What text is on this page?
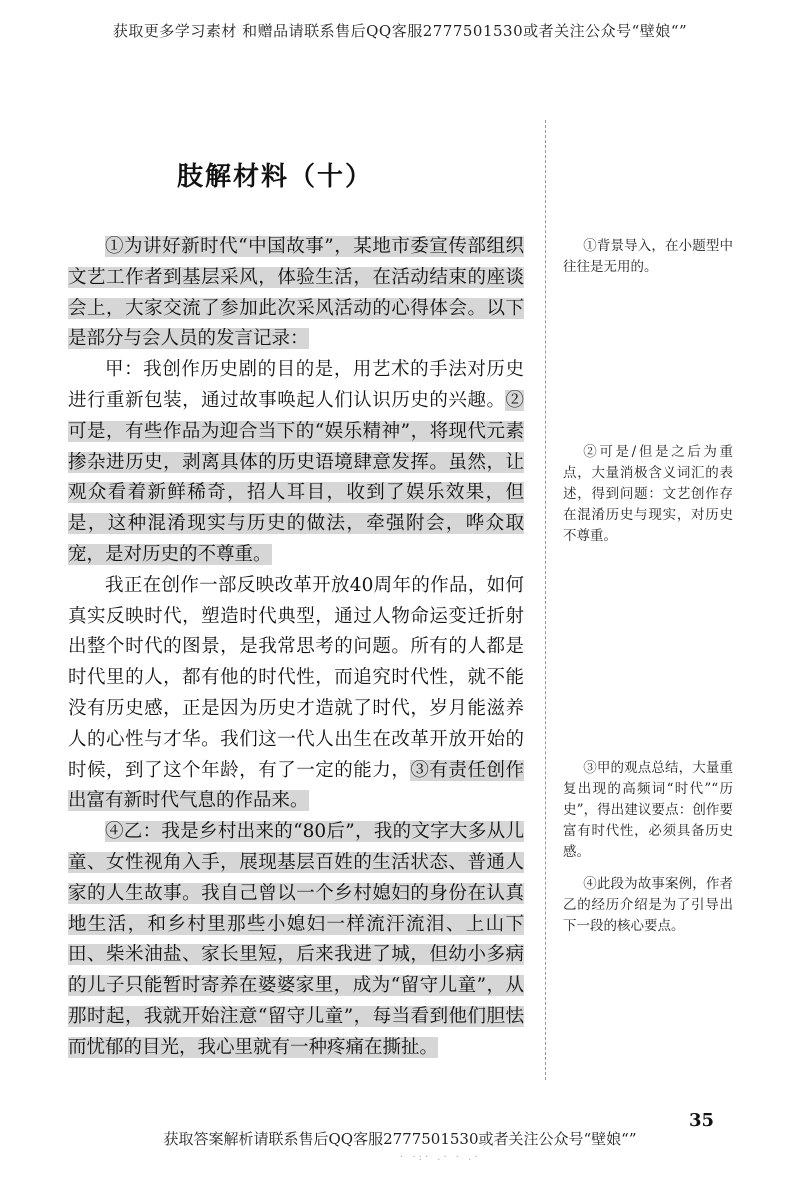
获取更多学习素材 和赠品请联系售后QQ客服2777501530或者关注公众号“壁娘“”
肢解材料（十）

①为讲好新时代“中国故事”，某地市委宣传部组织文艺工作者到基层采风，体验生活，在活动结束的座谈会上，大家交流了参加此次采风活动的心得体会。以下是部分与会人员的发言记录：

甲：我创作历史剧的目的是，用艺术的手法对历史进行重新包装，通过故事唤起人们认识历史的兴趣。②可是，有些作品为迎合当下的“娱乐精神”，将现代元素掺杂进历史，剥离具体的历史语境肆意发挥。虽然，让观众看着新鲜稀奇，招人耳目，收到了娱乐效果，但是，这种混淆现实与历史的做法，牵强附会，哗众取宠，是对历史的不尊重。

我正在创作一部反映改革开放40周年的作品，如何真实反映时代，塑造时代典型，通过人物命运变迁折射出整个时代的图景，是我常思考的问题。所有的人都是时代里的人，都有他的时代性，而追究时代性，就不能没有历史感，正是因为历史才造就了时代，岁月能滋养人的心性与才华。我们这一代人出生在改革开放开始的时候，到了这个年龄，有了一定的能力，③有责任创作出富有新时代气息的作品来。

④乙：我是乡村出来的“80后”，我的文字大多从儿童、女性视角入手，展现基层百姓的生活状态、普通人家的人生故事。我自己曾以一个乡村媳妇的身份在认真地生活，和乡村里那些小媳妇一样流汗流泪、上山下田、柴米油盐、家长里短，后来我进了城，但幼小多病的儿子只能暂时寄养在婆婆家里，成为“留守儿童”，从那时起，我就开始注意“留守儿童”，每当看到他们胆怯而忧郁的目光，我心里就有一种疼痛在撕扯。

①背景导入，在小题型中往往是无用的。

②可是/但是之后为重点，大量消极含义词汇的表述，得到问题：文艺创作存在混淆历史与现实，对历史不尊重。

③甲的观点总结，大量重复出现的高频词“时代”“历史”，得出建议要点：创作要富有时代性，必须具备历史感。

④此段为故事案例，作者乙的经历介绍是为了引导出下一段的核心要点。

35
获取答案解析请联系售后QQ客服2777501530或者关注公众号“壁娘“”
· ·:· .· · .·
